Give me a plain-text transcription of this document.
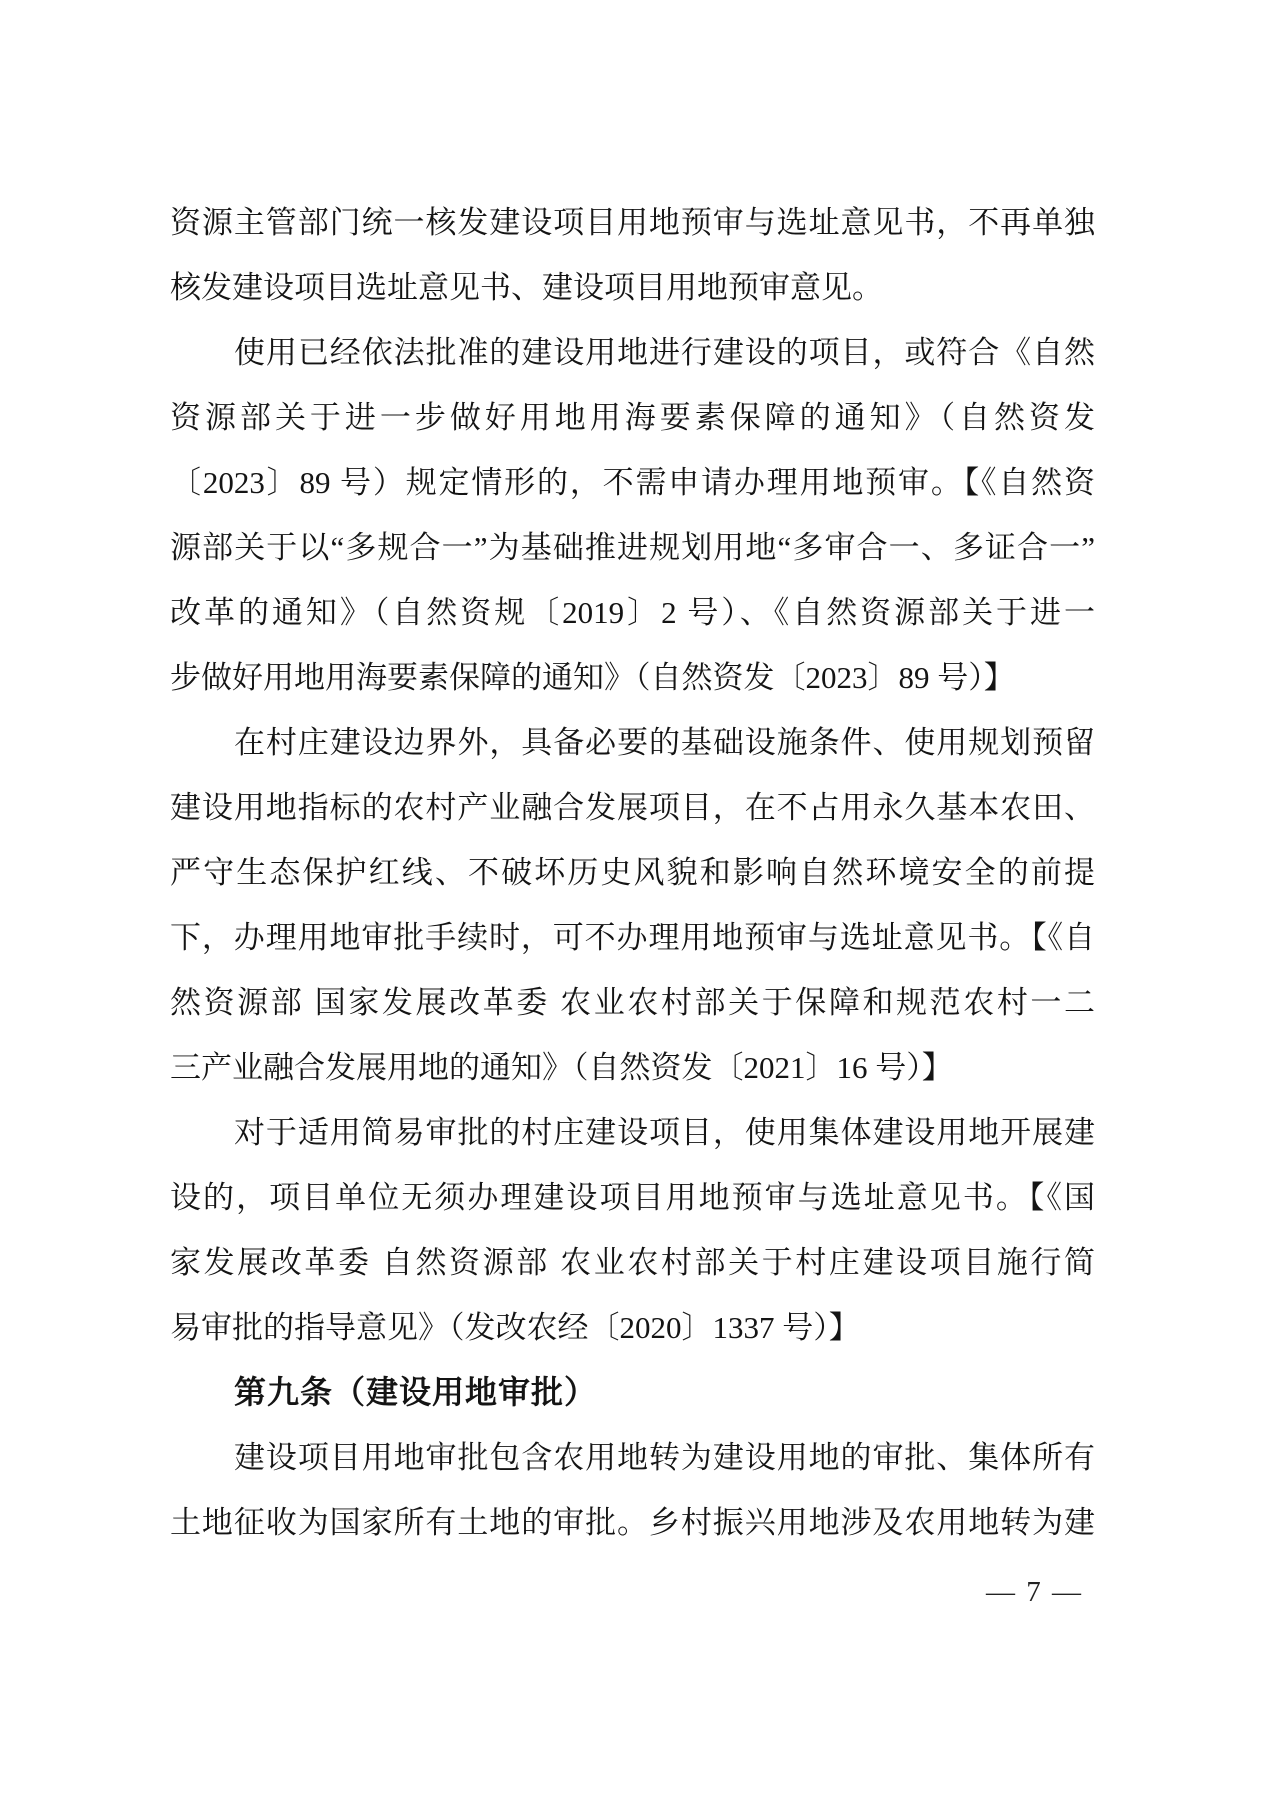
资源主管部门统一核发建设项目用地预审与选址意见书，不再单独
核发建设项目选址意见书、建设项目用地预审意见。
使用已经依法批准的建设用地进行建设的项目，或符合《自然
资源部关于进一步做好用地用海要素保障的通知》（自然资发
〔2023〕89 号）规定情形的，不需申请办理用地预审。【《自然资
源部关于以“多规合一”为基础推进规划用地“多审合一、多证合一”
改革的通知》（自然资规〔2019〕2 号）、《自然资源部关于进一
步做好用地用海要素保障的通知》（自然资发〔2023〕89 号）】
在村庄建设边界外，具备必要的基础设施条件、使用规划预留
建设用地指标的农村产业融合发展项目，在不占用永久基本农田、
严守生态保护红线、不破坏历史风貌和影响自然环境安全的前提
下，办理用地审批手续时，可不办理用地预审与选址意见书。【《自
然资源部 国家发展改革委 农业农村部关于保障和规范农村一二
三产业融合发展用地的通知》（自然资发〔2021〕16 号）】
对于适用简易审批的村庄建设项目，使用集体建设用地开展建
设的，项目单位无须办理建设项目用地预审与选址意见书。【《国
家发展改革委 自然资源部 农业农村部关于村庄建设项目施行简
易审批的指导意见》（发改农经〔2020〕1337 号）】
第九条（建设用地审批）
建设项目用地审批包含农用地转为建设用地的审批、集体所有
土地征收为国家所有土地的审批。乡村振兴用地涉及农用地转为建
— 7 —
